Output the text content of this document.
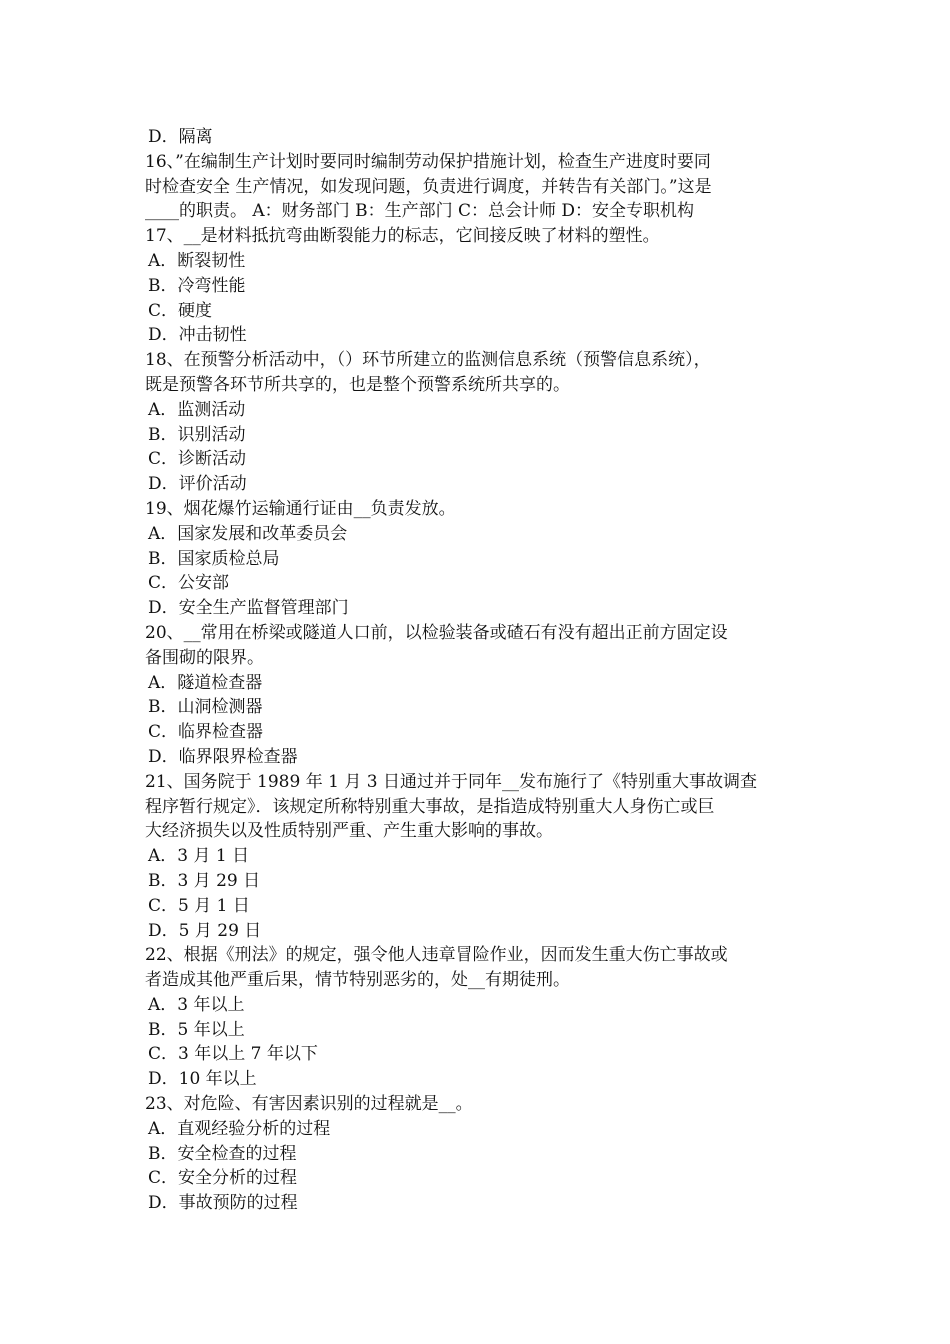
D．隔离
16、”在编制生产计划时要同时编制劳动保护措施计划，检查生产进度时要同
时检查安全 生产情况，如发现问题，负责进行调度，并转告有关部门。”这是
____的职责。 A：财务部门 B：生产部门 C：总会计师 D：安全专职机构
17、__是材料抵抗弯曲断裂能力的标志，它间接反映了材料的塑性。
A．断裂韧性
B．冷弯性能
C．硬度
D．冲击韧性
18、在预警分析活动中，（）环节所建立的监测信息系统（预警信息系统），
既是预警各环节所共享的，也是整个预警系统所共享的。
A．监测活动
B．识别活动
C．诊断活动
D．评价活动
19、烟花爆竹运输通行证由__负责发放。
A．国家发展和改革委员会
B．国家质检总局
C．公安部
D．安全生产监督管理部门
20、__常用在桥梁或隧道人口前，以检验装备或碴石有没有超出正前方固定设
备围砌的限界。
A．隧道检查器
B．山洞检测器
C．临界检查器
D．临界限界检查器
21、国务院于 1989 年 1 月 3 日通过并于同年__发布施行了《特别重大事故调查
程序暂行规定》．该规定所称特别重大事故，是指造成特别重大人身伤亡或巨
大经济损失以及性质特别严重、产生重大影响的事故。
A．3 月 1 日
B．3 月 29 日
C．5 月 1 日
D．5 月 29 日
22、根据《刑法》的规定，强令他人违章冒险作业，因而发生重大伤亡事故或
者造成其他严重后果，情节特别恶劣的，处__有期徒刑。
A．3 年以上
B．5 年以上
C．3 年以上 7 年以下
D．10 年以上
23、对危险、有害因素识别的过程就是__。
A．直观经验分析的过程
B．安全检查的过程
C．安全分析的过程
D．事故预防的过程
